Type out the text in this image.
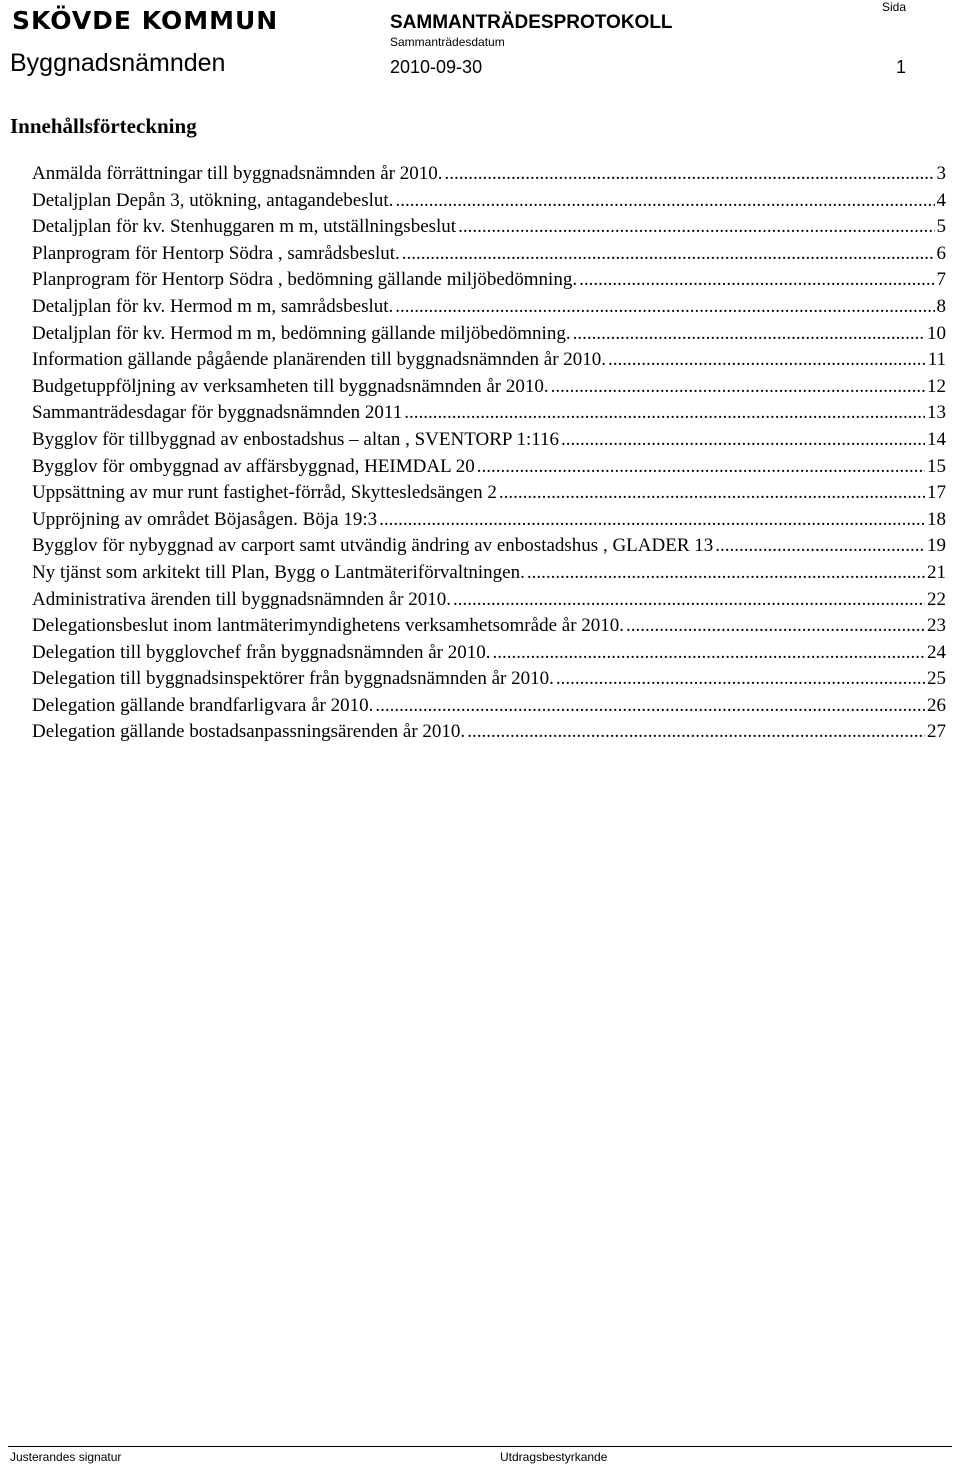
SKÖVDE KOMMUN	SAMMANTRÄDESPROTOKOLL
Sida
Byggnadsnämnden
Sammanträdesdatum
2010-09-30	1
Innehållsförteckning
Anmälda förrättningar till byggnadsnämnden år 2010. .....	3
Detaljplan Depån 3, utökning, antagandebeslut. .....	4
Detaljplan för kv. Stenhuggaren m m, utställningsbeslut .....	5
Planprogram för Hentorp Södra , samrådsbeslut. .....	6
Planprogram för Hentorp Södra , bedömning gällande miljöbedömning. .....	7
Detaljplan för kv. Hermod m m, samrådsbeslut. .....	8
Detaljplan för kv. Hermod m m, bedömning gällande miljöbedömning. .....	10
Information gällande pågående planärenden till byggnadsnämnden år 2010. .....	11
Budgetuppföljning av verksamheten till byggnadsnämnden år 2010. .....	12
Sammanträdesdagar för byggnadsnämnden 2011 .....	13
Bygglov för tillbyggnad av enbostadshus – altan , SVENTORP 1:116 .....	14
Bygglov för ombyggnad av affärsbyggnad, HEIMDAL 20 .....	15
Uppsättning av mur runt fastighet-förråd, Skyttesledsängen 2 .....	17
Uppröjning av området Böjasågen. Böja 19:3 .....	18
Bygglov för nybyggnad av carport samt utvändig ändring av enbostadshus , GLADER 13 .....	19
Ny tjänst som arkitekt till Plan, Bygg o Lantmäteriförvaltningen. .....	21
Administrativa ärenden till byggnadsnämnden år 2010. .....	22
Delegationsbeslut inom lantmäterimyndighetens verksamhetsområde år 2010. .....	23
Delegation till bygglovchef från byggnadsnämnden år 2010. .....	24
Delegation till byggnadsinspektörer från byggnadsnämnden år 2010. .....	25
Delegation gällande brandfarligvara år 2010. .....	26
Delegation gällande bostadsanpassningsärenden år 2010. .....	27
Justerandes signatur	Utdragsbestyrkande
